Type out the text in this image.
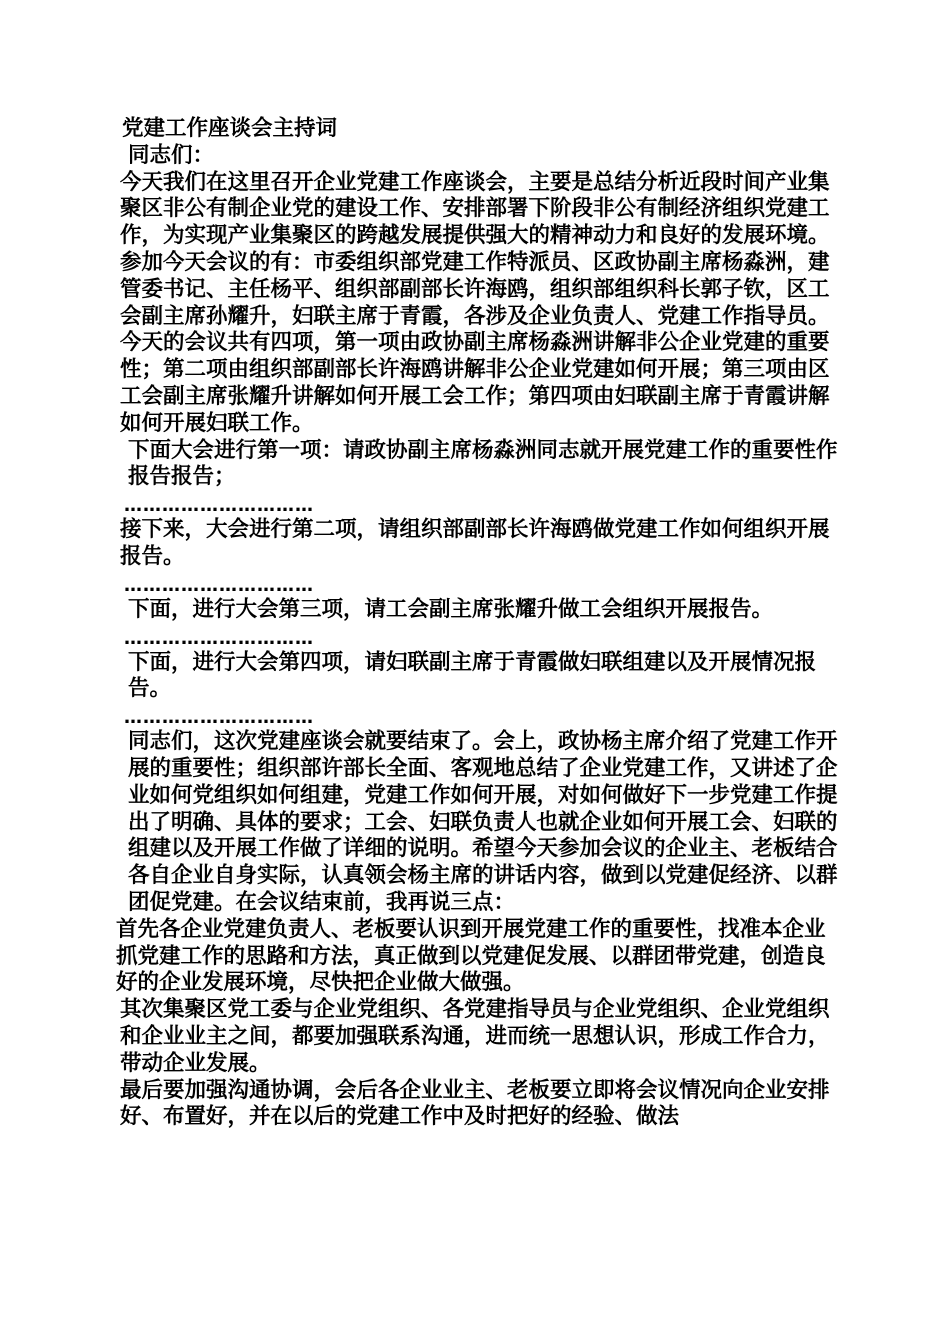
党建工作座谈会主持词

同志们：

今天我们在这里召开企业党建工作座谈会，主要是总结分析近段时间产业集聚区非公有制企业党的建设工作、安排部署下阶段非公有制经济组织党建工作，为实现产业集聚区的跨越发展提供强大的精神动力和良好的发展环境。 参加今天会议的有：市委组织部党建工作特派员、区政协副主席杨淼洲，建管委书记、主任杨平、组织部副部长许海鸥，组织部组织科长郭子钦，区工会副主席孙耀升，妇联主席于青霞，各涉及企业负责人、党建工作指导员。 今天的会议共有四项，第一项由政协副主席杨淼洲讲解非公企业党建的重要性；第二项由组织部副部长许海鸥讲解非公企业党建如何开展；第三项由区工会副主席张耀升讲解如何开展工会工作；第四项由妇联副主席于青霞讲解如何开展妇联工作。

下面大会进行第一项：请政协副主席杨淼洲同志就开展党建工作的重要性作报告报告；

…………………………

接下来，大会进行第二项，请组织部副部长许海鸥做党建工作如何组织开展报告。

…………………………

下面，进行大会第三项，请工会副主席张耀升做工会组织开展报告。

…………………………

下面，进行大会第四项，请妇联副主席于青霞做妇联组建以及开展情况报告。

…………………………

同志们，这次党建座谈会就要结束了。会上，政协杨主席介绍了党建工作开展的重要性；组织部许部长全面、客观地总结了企业党建工作，又讲述了企业如何党组织如何组建，党建工作如何开展，对如何做好下一步党建工作提出了明确、具体的要求；工会、妇联负责人也就企业如何开展工会、妇联的组建以及开展工作做了详细的说明。希望今天参加会议的企业主、老板结合各自企业自身实际，认真领会杨主席的讲话内容，做到以党建促经济、以群团促党建。在会议结束前，我再说三点：

首先各企业党建负责人、老板要认识到开展党建工作的重要性，找准本企业抓党建工作的思路和方法，真正做到以党建促发展、以群团带党建，创造良好的企业发展环境，尽快把企业做大做强。

其次集聚区党工委与企业党组织、各党建指导员与企业党组织、企业党组织和企业业主之间，都要加强联系沟通，进而统一思想认识，形成工作合力，带动企业发展。

最后要加强沟通协调，会后各企业业主、老板要立即将会议情况向企业安排好、布置好，并在以后的党建工作中及时把好的经验、做法
